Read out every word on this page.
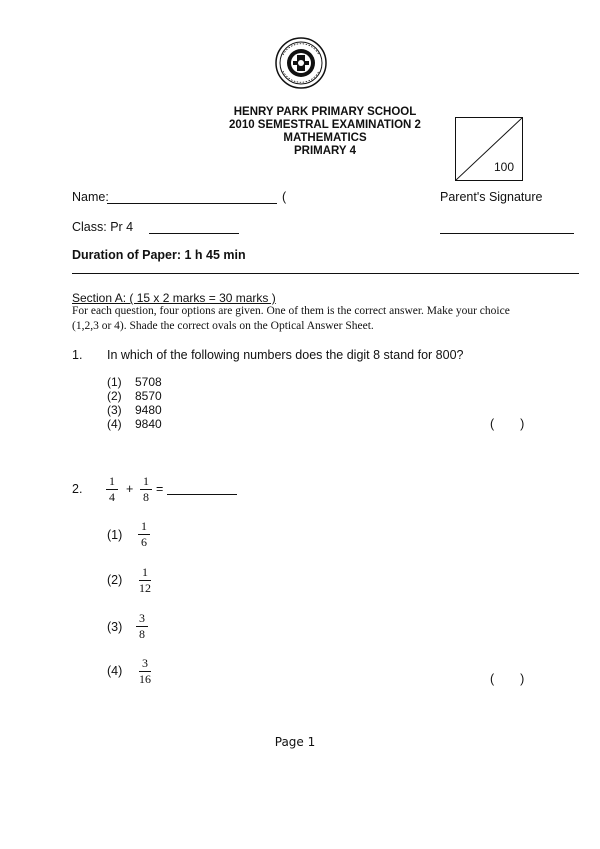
HENRY PARK PRIMARY SCHOOL
2010 SEMESTRAL EXAMINATION 2
MATHEMATICS
PRIMARY 4
100
Name:	(	Parent's Signature
Class: Pr 4
Duration of Paper: 1 h 45 min
Section A: ( 15 x 2 marks = 30 marks )
For each question, four options are given. One of them is the correct answer. Make your choice
(1,2,3 or 4). Shade the correct ovals on the Optical Answer Sheet.
1. In which of the following numbers does the digit 8 stand for 800?
(1) 5708
(2) 8570
(3) 9480
(4) 9840	( )
2.
1
4
+
1
8
=
(1)
1
6
(2)
1
12
(3)
3
8
(4)
3
16	( )
Page 1
